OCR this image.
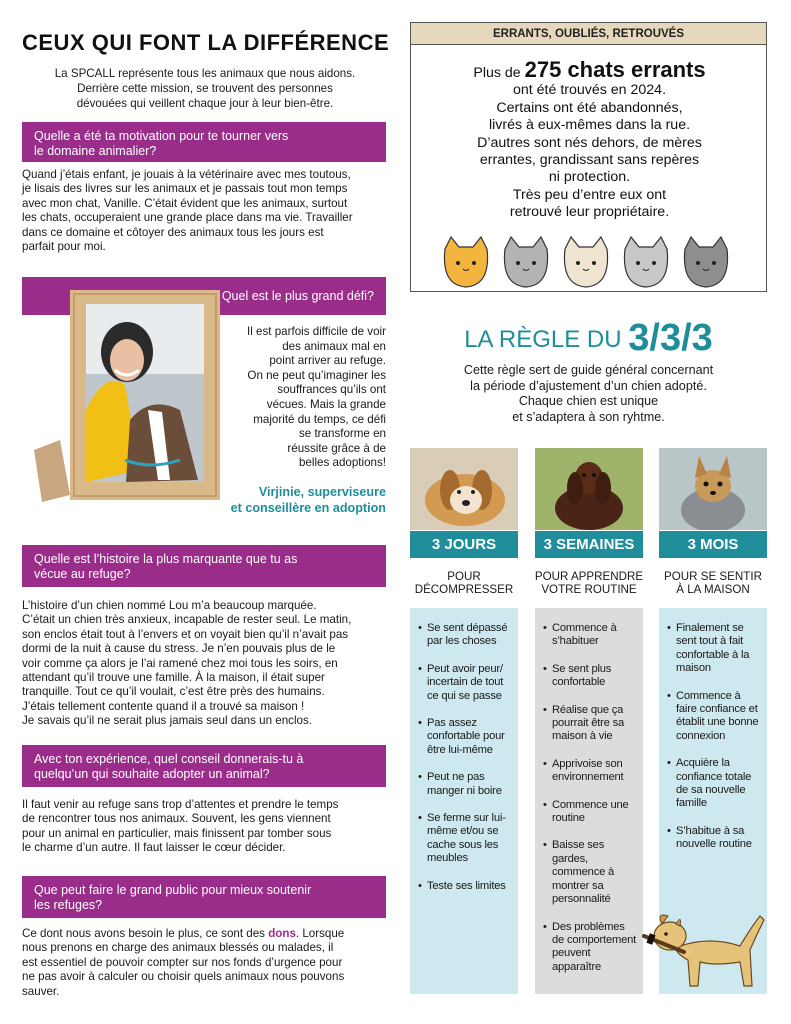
CEUX QUI FONT LA DIFFÉRENCE
La SPCALL représente tous les animaux que nous aidons.
Derrière cette mission, se trouvent des personnes
dévouées qui veillent chaque jour à leur bien-être.
Quelle a été ta motivation pour te tourner vers
le domaine animalier?
Quand j’étais enfant, je jouais à la vétérinaire avec mes toutous,
je lisais des livres sur les animaux et je passais tout mon temps
avec mon chat, Vanille. C’était évident que les animaux, surtout
les chats, occuperaient une grande place dans ma vie. Travailler
dans ce domaine et côtoyer des animaux tous les jours est
parfait pour moi.
Quel est le plus grand défi?
Il est parfois difficile de voir
des animaux mal en
point arriver au refuge.
On ne peut qu’imaginer les
souffrances qu’ils ont
vécues. Mais la grande
majorité du temps, ce défi
se transforme en
réussite grâce à de
belles adoptions!
Virjinie, superviseure
et conseillère en adoption
Quelle est l’histoire la plus marquante que tu as
vécue au refuge?
L’histoire d’un chien nommé Lou m’a beaucoup marquée.
C’était un chien très anxieux, incapable de rester seul. Le matin,
son enclos était tout à l’envers et on voyait bien qu’il n’avait pas
dormi de la nuit à cause du stress. Je n’en pouvais plus de le
voir comme ça alors je l’ai ramené chez moi tous les soirs, en
attendant qu’il trouve une famille. À la maison, il était super
tranquille. Tout ce qu’il voulait, c’est être près des humains.
J’étais tellement contente quand il a trouvé sa maison !
Je savais qu’il ne serait plus jamais seul dans un enclos.
Avec ton expérience, quel conseil donnerais-tu à
quelqu’un qui souhaite adopter un animal?
Il faut venir au refuge sans trop d’attentes et prendre le temps
de rencontrer tous nos animaux. Souvent, les gens viennent
pour un animal en particulier, mais finissent par tomber sous
le charme d’un autre. Il faut laisser le cœur décider.
Que peut faire le grand public pour mieux soutenir
les refuges?
Ce dont nous avons besoin le plus, ce sont des dons. Lorsque
nous prenons en charge des animaux blessés ou malades, il
est essentiel de pouvoir compter sur nos fonds d’urgence pour
ne pas avoir à calculer ou choisir quels animaux nous pouvons
sauver.
ERRANTS, OUBLIÉS, RETROUVÉS
Plus de 275 chats errants
ont été trouvés en 2024.
Certains ont été abandonnés,
livrés à eux-mêmes dans la rue.
D’autres sont nés dehors, de mères
errantes, grandissant sans repères
ni protection.
Très peu d’entre eux ont
retrouvé leur propriétaire.
LA RÈGLE DU 3/3/3
Cette règle sert de guide général concernant
la période d’ajustement d’un chien adopté.
Chaque chien est unique
et s’adaptera à son ryhtme.
3 JOURS
POUR
DÉCOMPRESSER
• Se sent dépassé par les choses
• Peut avoir peur/ incertain de tout ce qui se passe
• Pas assez confortable pour être lui-même
• Peut ne pas manger ni boire
• Se ferme sur lui-même et/ou se cache sous les meubles
• Teste ses limites
3 SEMAINES
POUR APPRENDRE
VOTRE ROUTINE
• Commence à s’habituer
• Se sent plus confortable
• Réalise que ça pourrait être sa maison à vie
• Apprivoise son environnement
• Commence une routine
• Baisse ses gardes, commence à montrer sa personnalité
• Des problèmes de comportement peuvent apparaître
3 MOIS
POUR SE SENTIR
À LA MAISON
• Finalement se sent tout à fait confortable à la maison
• Commence à faire confiance et établit une bonne connexion
• Acquière la confiance totale de sa nouvelle famille
• S’habitue à sa nouvelle routine
